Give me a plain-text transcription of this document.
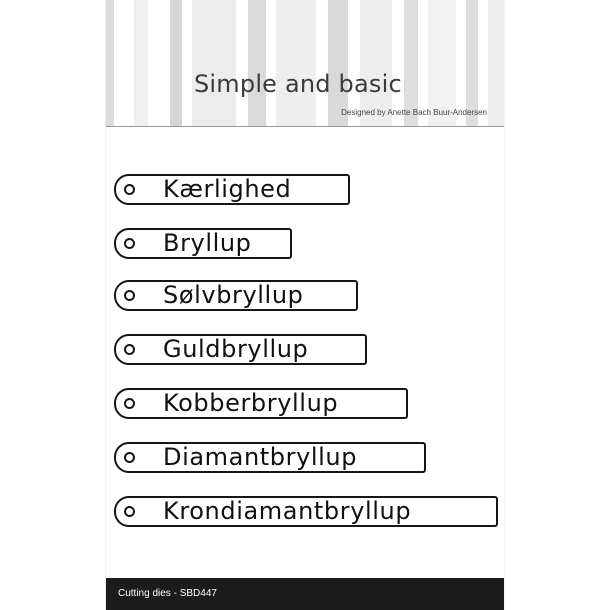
Simple and basic
Designed by Anette Bach Buur-Andersen
Kærlighed
Bryllup
Sølvbryllup
Guldbryllup
Kobberbryllup
Diamantbryllup
Krondiamantbryllup
Cutting dies - SBD447
